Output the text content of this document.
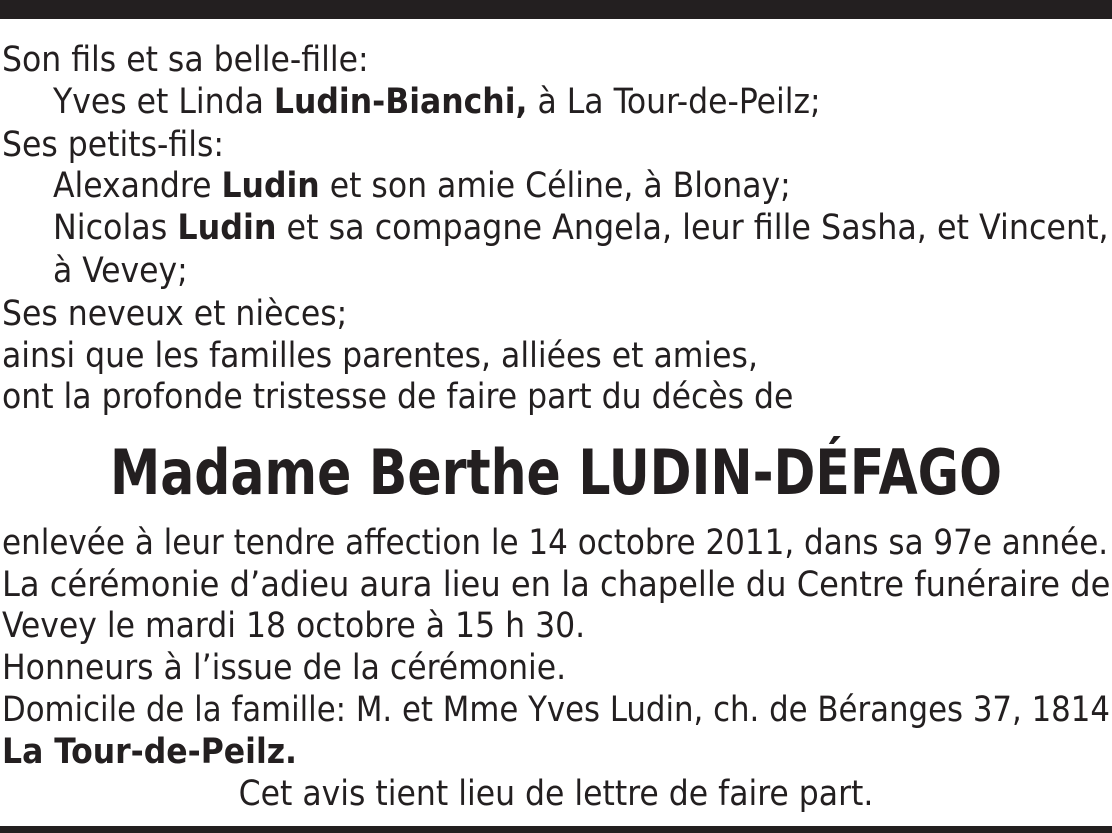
Son fils et sa belle-fille:

Yves et Linda Ludin-Bianchi, à La Tour-de-Peilz;

Ses petits-fils:

Alexandre Ludin et son amie Céline, à Blonay;

Nicolas Ludin et sa compagne Angela, leur fille Sasha, et Vincent,

à Vevey;

Ses neveux et nièces;

ainsi que les familles parentes, alliées et amies,

ont la profonde tristesse de faire part du décès de

Madame Berthe LUDIN-DÉFAGO

enlevée à leur tendre affection le 14 octobre 2011, dans sa 97e année.

La cérémonie d’adieu aura lieu en la chapelle du Centre funéraire de

Vevey le mardi 18 octobre à 15 h 30.

Honneurs à l’issue de la cérémonie.

Domicile de la famille: M. et Mme Yves Ludin, ch. de Béranges 37, 1814

La Tour-de-Peilz.

Cet avis tient lieu de lettre de faire part.
